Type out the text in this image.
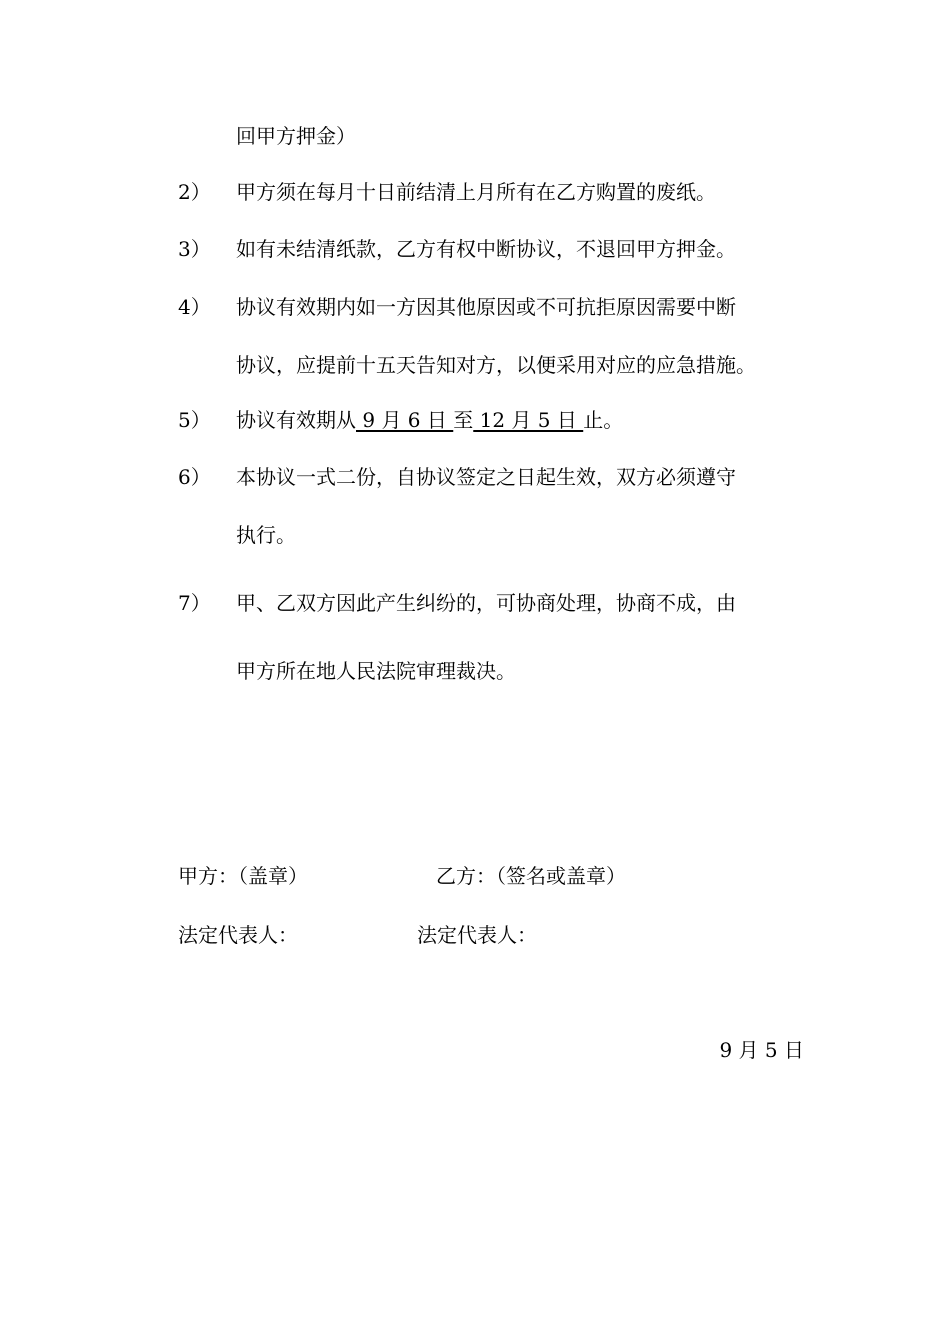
回甲方押金）
2） 甲方须在每月十日前结清上月所有在乙方购置的废纸。
3） 如有未结清纸款，乙方有权中断协议，不退回甲方押金。
4） 协议有效期内如一方因其他原因或不可抗拒原因需要中断
协议，应提前十五天告知对方，以便采用对应的应急措施。
5） 协议有效期从 9 月 6 日 至 12 月 5 日 止。
6） 本协议一式二份，自协议签定之日起生效，双方必须遵守
执行。
7） 甲、乙双方因此产生纠纷的，可协商处理，协商不成，由
甲方所在地人民法院审理裁决。
甲方：（盖章）	乙方：（签名或盖章）
法定代表人：	法定代表人：
9 月 5 日
